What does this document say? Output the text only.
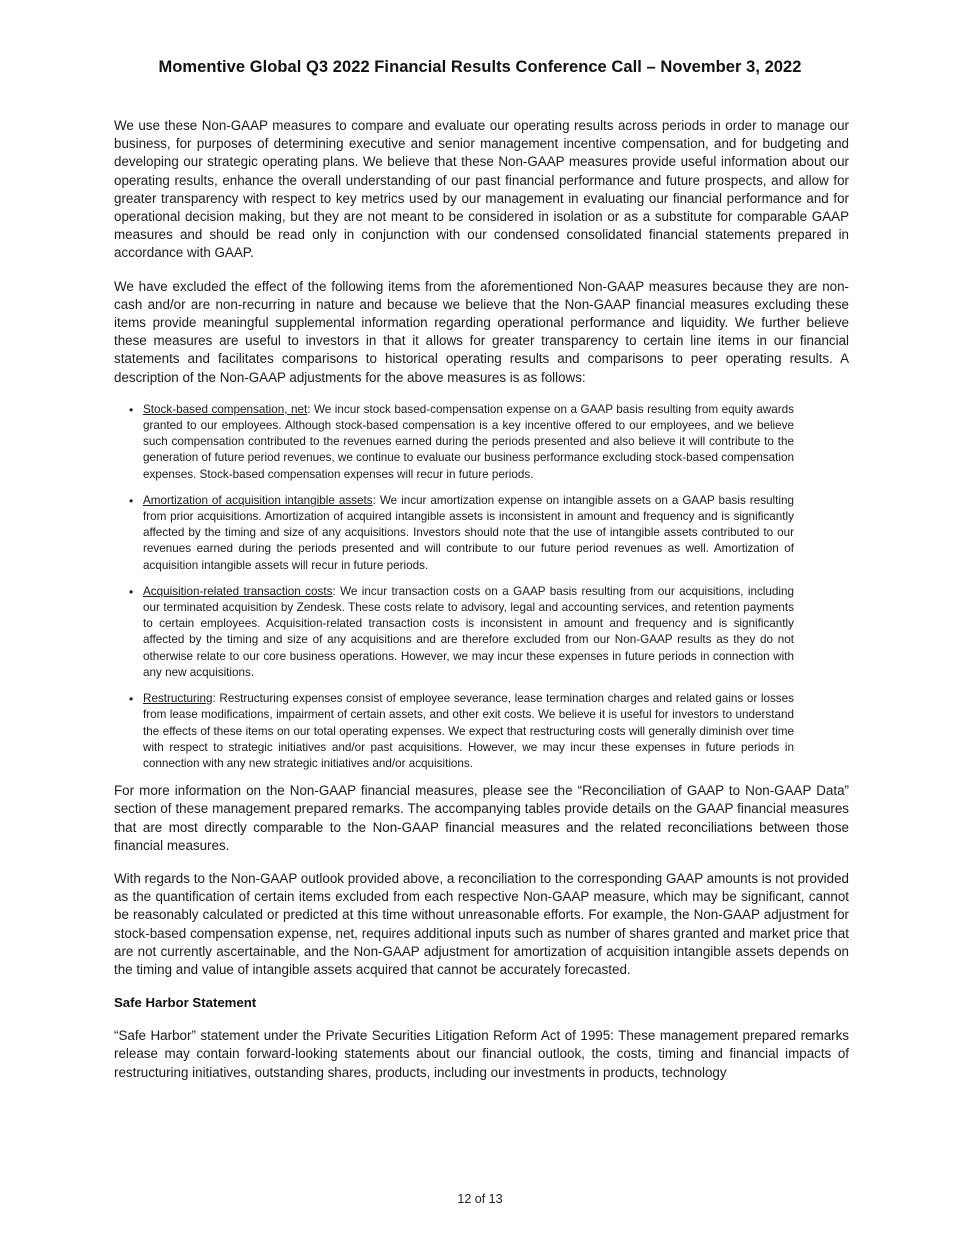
Momentive Global Q3 2022 Financial Results Conference Call – November 3, 2022

We use these Non-GAAP measures to compare and evaluate our operating results across periods in order to manage our business, for purposes of determining executive and senior management incentive compensation, and for budgeting and developing our strategic operating plans. We believe that these Non-GAAP measures provide useful information about our operating results, enhance the overall understanding of our past financial performance and future prospects, and allow for greater transparency with respect to key metrics used by our management in evaluating our financial performance and for operational decision making, but they are not meant to be considered in isolation or as a substitute for comparable GAAP measures and should be read only in conjunction with our condensed consolidated financial statements prepared in accordance with GAAP.

We have excluded the effect of the following items from the aforementioned Non-GAAP measures because they are non-cash and/or are non-recurring in nature and because we believe that the Non-GAAP financial measures excluding these items provide meaningful supplemental information regarding operational performance and liquidity. We further believe these measures are useful to investors in that it allows for greater transparency to certain line items in our financial statements and facilitates comparisons to historical operating results and comparisons to peer operating results. A description of the Non-GAAP adjustments for the above measures is as follows:

• Stock-based compensation, net: We incur stock based-compensation expense on a GAAP basis resulting from equity awards granted to our employees. Although stock-based compensation is a key incentive offered to our employees, and we believe such compensation contributed to the revenues earned during the periods presented and also believe it will contribute to the generation of future period revenues, we continue to evaluate our business performance excluding stock-based compensation expenses. Stock-based compensation expenses will recur in future periods.
• Amortization of acquisition intangible assets: We incur amortization expense on intangible assets on a GAAP basis resulting from prior acquisitions. Amortization of acquired intangible assets is inconsistent in amount and frequency and is significantly affected by the timing and size of any acquisitions. Investors should note that the use of intangible assets contributed to our revenues earned during the periods presented and will contribute to our future period revenues as well. Amortization of acquisition intangible assets will recur in future periods.
• Acquisition-related transaction costs: We incur transaction costs on a GAAP basis resulting from our acquisitions, including our terminated acquisition by Zendesk. These costs relate to advisory, legal and accounting services, and retention payments to certain employees. Acquisition-related transaction costs is inconsistent in amount and frequency and is significantly affected by the timing and size of any acquisitions and are therefore excluded from our Non-GAAP results as they do not otherwise relate to our core business operations. However, we may incur these expenses in future periods in connection with any new acquisitions.
• Restructuring: Restructuring expenses consist of employee severance, lease termination charges and related gains or losses from lease modifications, impairment of certain assets, and other exit costs. We believe it is useful for investors to understand the effects of these items on our total operating expenses. We expect that restructuring costs will generally diminish over time with respect to strategic initiatives and/or past acquisitions. However, we may incur these expenses in future periods in connection with any new strategic initiatives and/or acquisitions.

For more information on the Non-GAAP financial measures, please see the “Reconciliation of GAAP to Non-GAAP Data” section of these management prepared remarks. The accompanying tables provide details on the GAAP financial measures that are most directly comparable to the Non-GAAP financial measures and the related reconciliations between those financial measures.

With regards to the Non-GAAP outlook provided above, a reconciliation to the corresponding GAAP amounts is not provided as the quantification of certain items excluded from each respective Non-GAAP measure, which may be significant, cannot be reasonably calculated or predicted at this time without unreasonable efforts. For example, the Non-GAAP adjustment for stock-based compensation expense, net, requires additional inputs such as number of shares granted and market price that are not currently ascertainable, and the Non-GAAP adjustment for amortization of acquisition intangible assets depends on the timing and value of intangible assets acquired that cannot be accurately forecasted.

Safe Harbor Statement

“Safe Harbor” statement under the Private Securities Litigation Reform Act of 1995: These management prepared remarks release may contain forward-looking statements about our financial outlook, the costs, timing and financial impacts of restructuring initiatives, outstanding shares, products, including our investments in products, technology

12 of 13
